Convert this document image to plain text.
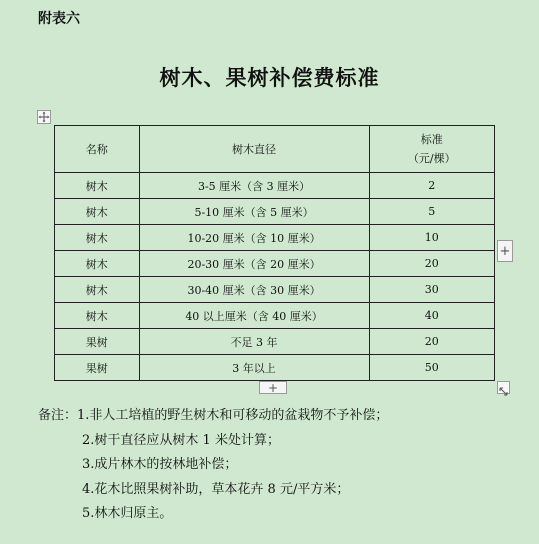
附表六
树木、果树补偿费标准
名称	树木直径	标准
（元/棵）

树木	3-5 厘米（含 3 厘米）	2
树木	5-10 厘米（含 5 厘米）	5
树木	10-20 厘米（含 10 厘米）	10
树木	20-30 厘米（含 20 厘米）	20
树木	30-40 厘米（含 30 厘米）	30
树木	40 以上厘米（含 40 厘米）	40
果树	不足 3 年	20
果树	3 年以上	50
+
+
备注：1.非人工培植的野生树木和可移动的盆栽物不予补偿；
2.树干直径应从树木 1 米处计算；
3.成片林木的按林地补偿；
4.花木比照果树补助，草本花卉 8 元/平方米；
5.林木归原主。
